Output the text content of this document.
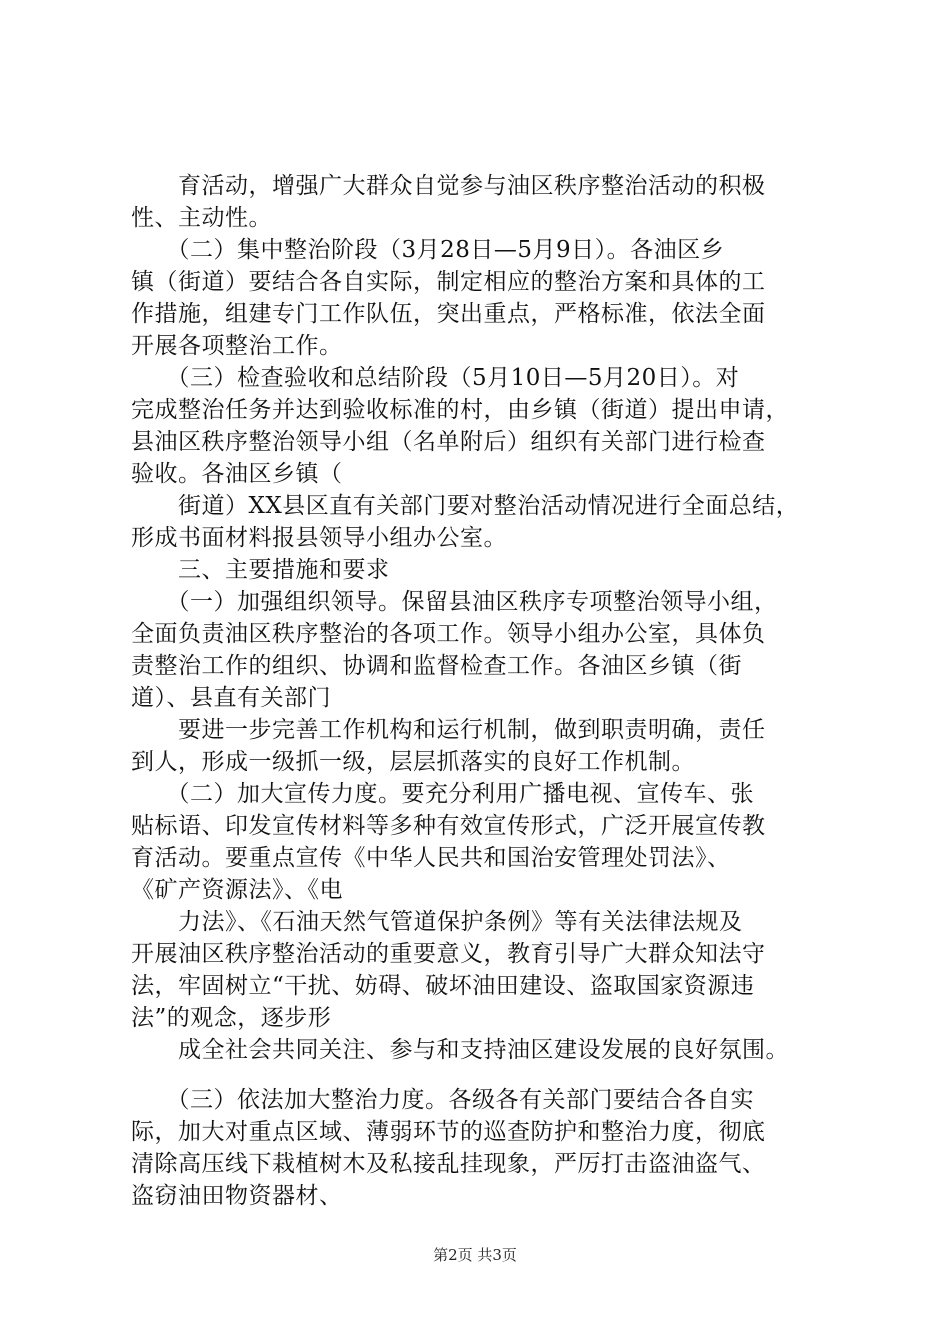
　　育活动，增强广大群众自觉参与油区秩序整治活动的积极
性、主动性。
　　（二）集中整治阶段（3月28日—5月9日）。各油区乡
镇（街道）要结合各自实际，制定相应的整治方案和具体的工
作措施，组建专门工作队伍，突出重点，严格标准，依法全面
开展各项整治工作。
　　（三）检查验收和总结阶段（5月10日—5月20日）。对
完成整治任务并达到验收标准的村，由乡镇（街道）提出申请，
县油区秩序整治领导小组（名单附后）组织有关部门进行检查
验收。各油区乡镇（
　　街道）XX县区直有关部门要对整治活动情况进行全面总结，
形成书面材料报县领导小组办公室。
　　三、主要措施和要求
　　（一）加强组织领导。保留县油区秩序专项整治领导小组，
全面负责油区秩序整治的各项工作。领导小组办公室，具体负
责整治工作的组织、协调和监督检查工作。各油区乡镇（街
道）、县直有关部门
　　要进一步完善工作机构和运行机制，做到职责明确，责任
到人，形成一级抓一级，层层抓落实的良好工作机制。
　　（二）加大宣传力度。要充分利用广播电视、宣传车、张
贴标语、印发宣传材料等多种有效宣传形式，广泛开展宣传教
育活动。要重点宣传《中华人民共和国治安管理处罚法》、
《矿产资源法》、《电
　　力法》、《石油天然气管道保护条例》等有关法律法规及
开展油区秩序整治活动的重要意义，教育引导广大群众知法守
法，牢固树立“干扰、妨碍、破坏油田建设、盗取国家资源违
法”的观念，逐步形
　　成全社会共同关注、参与和支持油区建设发展的良好氛围。
　　（三）依法加大整治力度。各级各有关部门要结合各自实
际，加大对重点区域、薄弱环节的巡查防护和整治力度，彻底
清除高压线下栽植树木及私接乱挂现象，严厉打击盗油盗气、
盗窃油田物资器材、
第2页 共3页
